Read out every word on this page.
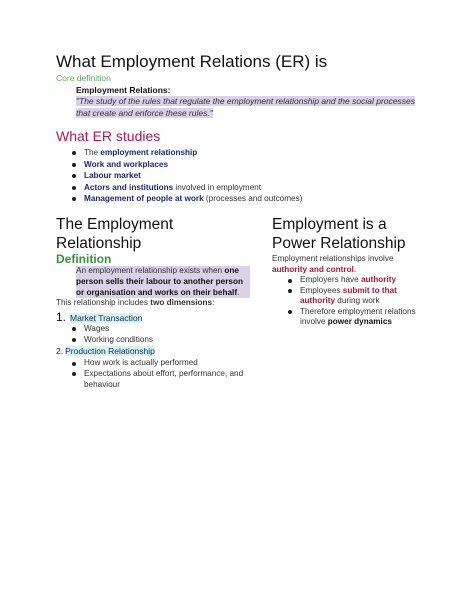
What Employment Relations (ER) is
Core definition
Employment Relations:
"The study of the rules that regulate the employment relationship and the social processes that create and enforce these rules."
What ER studies
The employment relationship
Work and workplaces
Labour market
Actors and institutions involved in employment
Management of people at work (processes and outcomes)
The Employment
Relationship
Definition
An employment relationship exists when one person sells their labour to another person or organisation and works on their behalf.
This relationship includes two dimensions:
1. Market Transaction
Wages
Working conditions
2. Production Relationship
How work is actually performed
Expectations about effort, performance, and behaviour
Employment is a
Power Relationship
Employment relationships involve authority and control.
Employers have authority
Employees submit to that authority during work
Therefore employment relations involve power dynamics
